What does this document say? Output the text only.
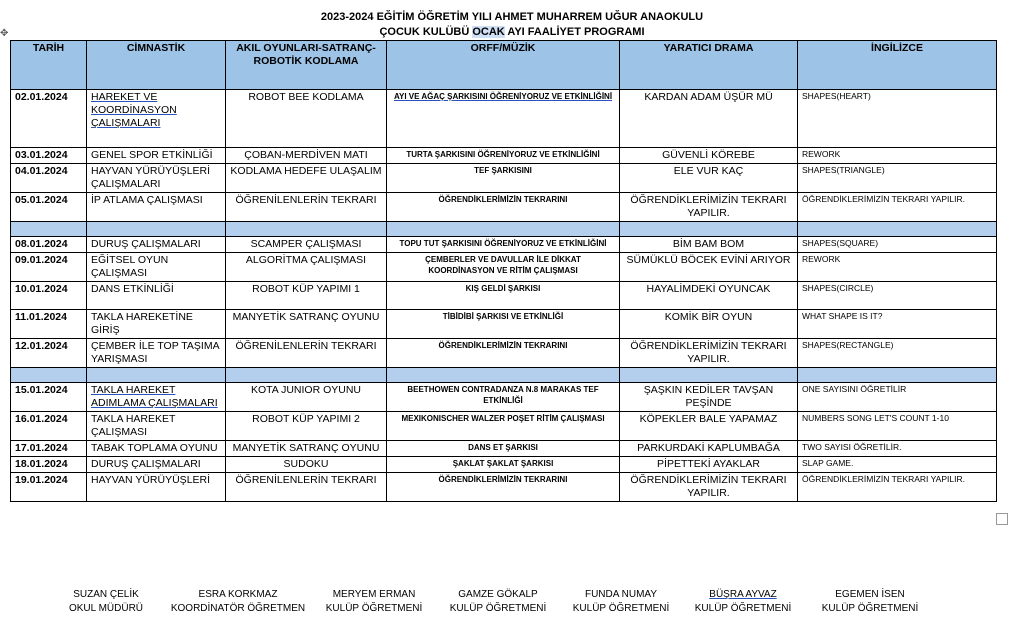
2023-2024 EĞİTİM ÖĞRETİM YILI AHMET MUHARREM UĞUR ANAOKULU
ÇOCUK KULÜBÜ OCAK AYI FAALİYET PROGRAMI
✥
TARİH	CİMNASTİK	AKIL OYUNLARI-SATRANÇ-ROBOTİK KODLAMA	ORFF/MÜZİK	YARATICI DRAMA	İNGİLİZCE
02.01.2024	HAREKET VE KOORDİNASYON ÇALIŞMALARI	ROBOT BEE KODLAMA	AYI VE AĞAÇ ŞARKISINI ÖĞRENİYORUZ VE ETKİNLİĞİNİ	KARDAN ADAM ÜŞÜR MÜ	SHAPES(HEART)
03.01.2024	GENEL SPOR ETKİNLİĞİ	ÇOBAN-MERDİVEN MATI	TURTA ŞARKISINI ÖĞRENİYORUZ VE ETKİNLİĞİNİ	GÜVENLİ KÖREBE	REWORK
04.01.2024	HAYVAN YÜRÜYÜŞLERİ ÇALIŞMALARI	KODLAMA HEDEFE ULAŞALIM	TEF ŞARKISINI	ELE VUR KAÇ	SHAPES(TRIANGLE)
05.01.2024	İP ATLAMA ÇALIŞMASI	ÖĞRENİLENLERİN TEKRARI	ÖĞRENDİKLERİMİZİN TEKRARINI	ÖĞRENDİKLERİMİZİN TEKRARI YAPILIR.	ÖĞRENDİKLERİMİZİN TEKRARI YAPILIR.

08.01.2024	DURUŞ ÇALIŞMALARI	SCAMPER ÇALIŞMASI	TOPU TUT ŞARKISINI ÖĞRENİYORUZ VE ETKİNLİĞİNİ	BİM BAM BOM	SHAPES(SQUARE)
09.01.2024	EĞİTSEL OYUN ÇALIŞMASI	ALGORİTMA ÇALIŞMASI	ÇEMBERLER VE DAVULLAR İLE DİKKAT KOORDİNASYON VE RİTİM ÇALIŞMASI	SÜMÜKLÜ BÖCEK EVİNİ ARIYOR	REWORK
10.01.2024	DANS ETKİNLİĞİ	ROBOT KÜP YAPIMI 1	KIŞ GELDİ ŞARKISI	HAYALİMDEKİ OYUNCAK	SHAPES(CIRCLE)
11.01.2024	TAKLA HAREKETİNE GİRİŞ	MANYETİK SATRANÇ OYUNU	TİBİDİBİ ŞARKISI VE ETKİNLİĞİ	KOMİK BİR OYUN	WHAT SHAPE IS IT?
12.01.2024	ÇEMBER İLE TOP TAŞIMA YARIŞMASI	ÖĞRENİLENLERİN TEKRARI	ÖĞRENDİKLERİMİZİN TEKRARINI	ÖĞRENDİKLERİMİZİN TEKRARI YAPILIR.	SHAPES(RECTANGLE)

15.01.2024	TAKLA HAREKET ADIMLAMA ÇALIŞMALARI	KOTA JUNIOR OYUNU	BEETHOWEN CONTRADANZA N.8 MARAKAS TEF ETKİNLİĞİ	ŞAŞKIN KEDİLER TAVŞAN PEŞİNDE	ONE SAYISINI ÖĞRETİLİR
16.01.2024	TAKLA HAREKET ÇALIŞMASI	ROBOT KÜP YAPIMI 2	MEXIKONISCHER WALZER POŞET RİTİM ÇALIŞMASI	KÖPEKLER BALE YAPAMAZ	NUMBERS SONG LET'S COUNT 1-10
17.01.2024	TABAK TOPLAMA OYUNU	MANYETİK SATRANÇ OYUNU	DANS ET ŞARKISI	PARKURDAKİ KAPLUMBAĞA	TWO SAYISI ÖĞRETİLİR.
18.01.2024	DURUŞ ÇALIŞMALARI	SUDOKU	ŞAKLAT ŞAKLAT ŞARKISI	PİPETTEKİ AYAKLAR	SLAP GAME.
19.01.2024	HAYVAN YÜRÜYÜŞLERİ	ÖĞRENİLENLERİN TEKRARI	ÖĞRENDİKLERİMİZİN TEKRARINI	ÖĞRENDİKLERİMİZİN TEKRARI YAPILIR.	ÖĞRENDİKLERİMİZİN TEKRARI YAPILIR.
SUZAN ÇELİK
OKUL MÜDÜRÜ
ESRA KORKMAZ
KOORDİNATÖR ÖĞRETMEN
MERYEM ERMAN
KULÜP ÖĞRETMENİ
GAMZE GÖKALP
KULÜP ÖĞRETMENİ
FUNDA NUMAY
KULÜP ÖĞRETMENİ
BÜŞRA AYVAZ
KULÜP ÖĞRETMENİ
EGEMEN İSEN
KULÜP ÖĞRETMENİ
